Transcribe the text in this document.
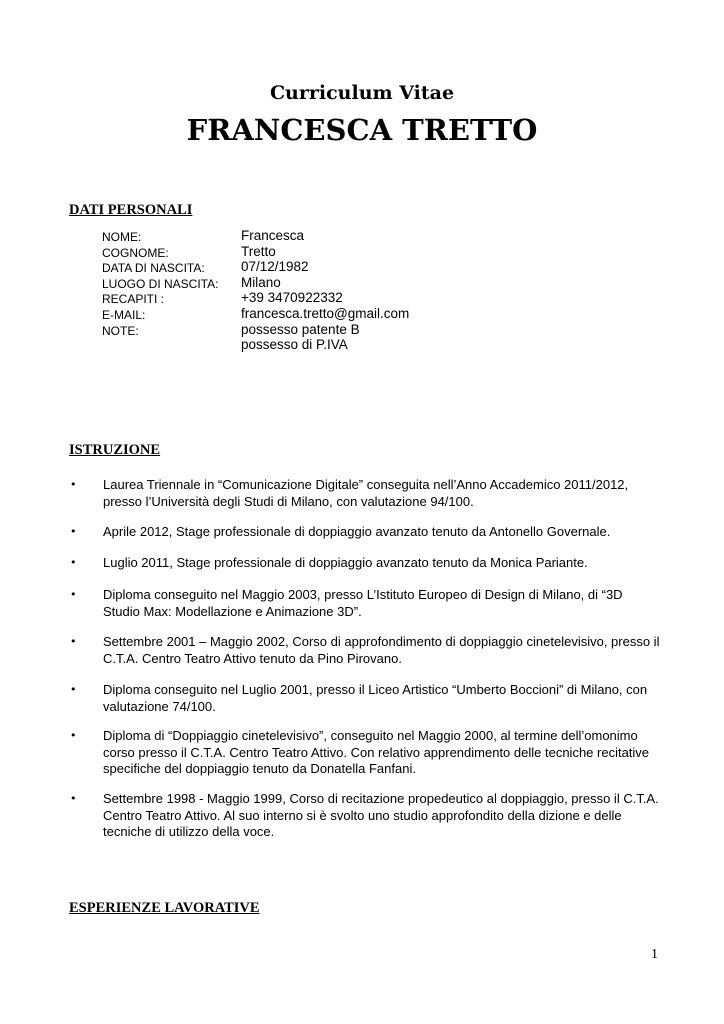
Curriculum Vitae
FRANCESCA TRETTO
DATI PERSONALI
NOME:	Francesca
COGNOME:	Tretto
DATA DI NASCITA:	07/12/1982
LUOGO DI NASCITA: Milano
RECAPITI :	+39 3470922332
E-MAIL:	francesca.tretto@gmail.com
NOTE:	possesso patente B
possesso di P.IVA
ISTRUZIONE
• Laurea Triennale in “Comunicazione Digitale” conseguita nell’Anno Accademico 2011/2012, presso l’Università degli Studi di Milano, con valutazione 94/100.
• Aprile 2012, Stage professionale di doppiaggio avanzato tenuto da Antonello Governale.
• Luglio 2011, Stage professionale di doppiaggio avanzato tenuto da Monica Pariante.
• Diploma conseguito nel Maggio 2003, presso L’Istituto Europeo di Design di Milano, di “3D Studio Max: Modellazione e Animazione 3D”.
• Settembre 2001 – Maggio 2002, Corso di approfondimento di doppiaggio cinetelevisivo, presso il C.T.A. Centro Teatro Attivo tenuto da Pino Pirovano.
• Diploma conseguito nel Luglio 2001, presso il Liceo Artistico “Umberto Boccioni” di Milano, con valutazione 74/100.
• Diploma di “Doppiaggio cinetelevisivo”, conseguito nel Maggio 2000, al termine dell’omonimo corso presso il C.T.A. Centro Teatro Attivo. Con relativo apprendimento delle tecniche recitative specifiche del doppiaggio tenuto da Donatella Fanfani.
• Settembre 1998 - Maggio 1999, Corso di recitazione propedeutico al doppiaggio, presso il C.T.A. Centro Teatro Attivo. Al suo interno si è svolto uno studio approfondito della dizione e delle tecniche di utilizzo della voce.
ESPERIENZE LAVORATIVE
1
